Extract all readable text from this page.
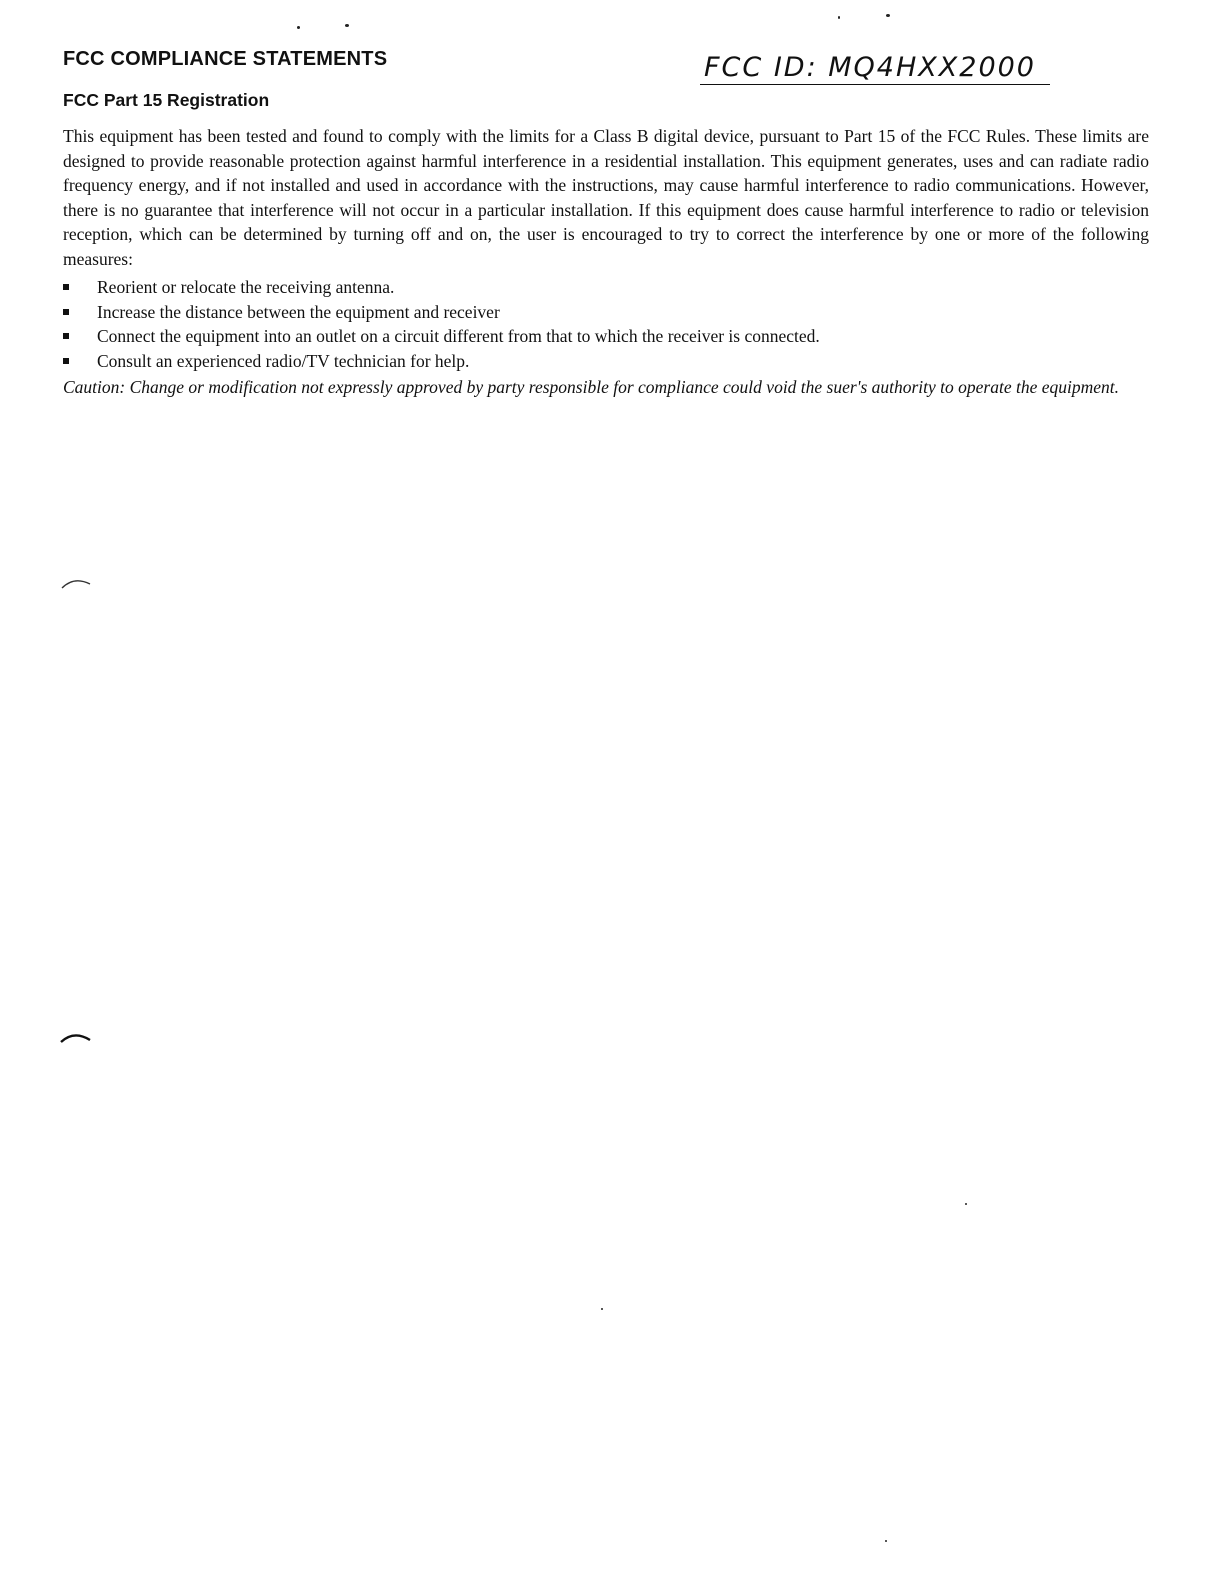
FCC COMPLIANCE STATEMENTS	FCC ID: MQ4HXX2000
FCC Part 15 Registration

This equipment has been tested and found to comply with the limits for a Class B digital device, pursuant to Part 15 of the FCC Rules. These limits are designed to provide reasonable protection against harmful interference in a residential installation. This equipment generates, uses and can radiate radio frequency energy, and if not installed and used in accordance with the instructions, may cause harmful interference to radio communications. However, there is no guarantee that interference will not occur in a particular installation. If this equipment does cause harmful interference to radio or television reception, which can be determined by turning off and on, the user is encouraged to try to correct the interference by one or more of the following measures:

Reorient or relocate the receiving antenna.
Increase the distance between the equipment and receiver
Connect the equipment into an outlet on a circuit different from that to which the receiver is connected.
Consult an experienced radio/TV technician for help.

Caution: Change or modification not expressly approved by party responsible for compliance could void the suer's authority to operate the equipment.
